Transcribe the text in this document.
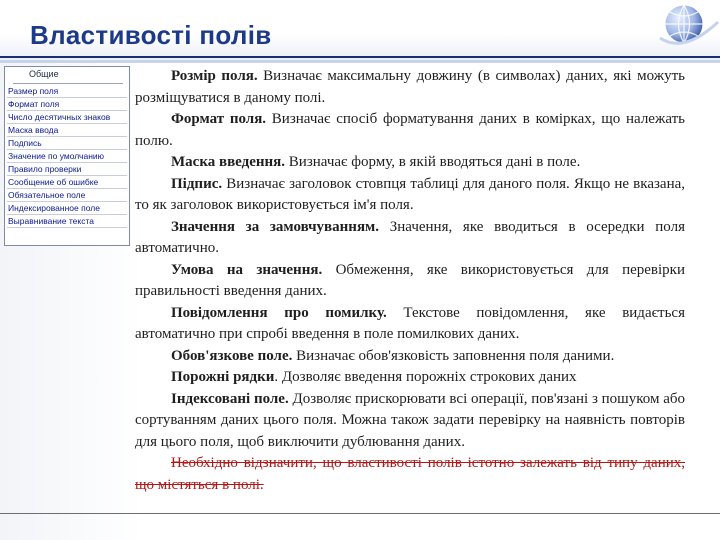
Властивості полів
Общие
Размер поля
Формат поля
Число десятичных знаков
Маска ввода
Подпись
Значение по умолчанию
Правило проверки
Сообщение об ошибке
Обязательное поле
Индексированное поле
Выравнивание текста

Розмір поля. Визначає максимальну довжину (в символах) даних, які можуть розміщуватися в даному полі.

Формат поля. Визначає спосіб форматування даних в комірках, що належать полю.

Маска введення. Визначає форму, в якій вводяться дані в поле.

Підпис. Визначає заголовок стовпця таблиці для даного поля. Якщо не вказана, то як заголовок використовується ім'я поля.

Значення за замовчуванням. Значення, яке вводиться в осередки поля автоматично.

Умова на значення. Обмеження, яке використовується для перевірки правильності введення даних.

Повідомлення про помилку. Текстове повідомлення, яке видається автоматично при спробі введення в поле помилкових даних.

Обов'язкове поле. Визначає обов'язковість заповнення поля даними.

Порожні рядки. Дозволяє введення порожніх строкових даних

Індексовані поле. Дозволяє прискорювати всі операції, пов'язані з пошуком або сортуванням даних цього поля. Можна також задати перевірку на наявність повторів для цього поля, щоб виключити дублювання даних.

Необхідно відзначити, що властивості полів істотно залежать від типу даних, що містяться в полі.
